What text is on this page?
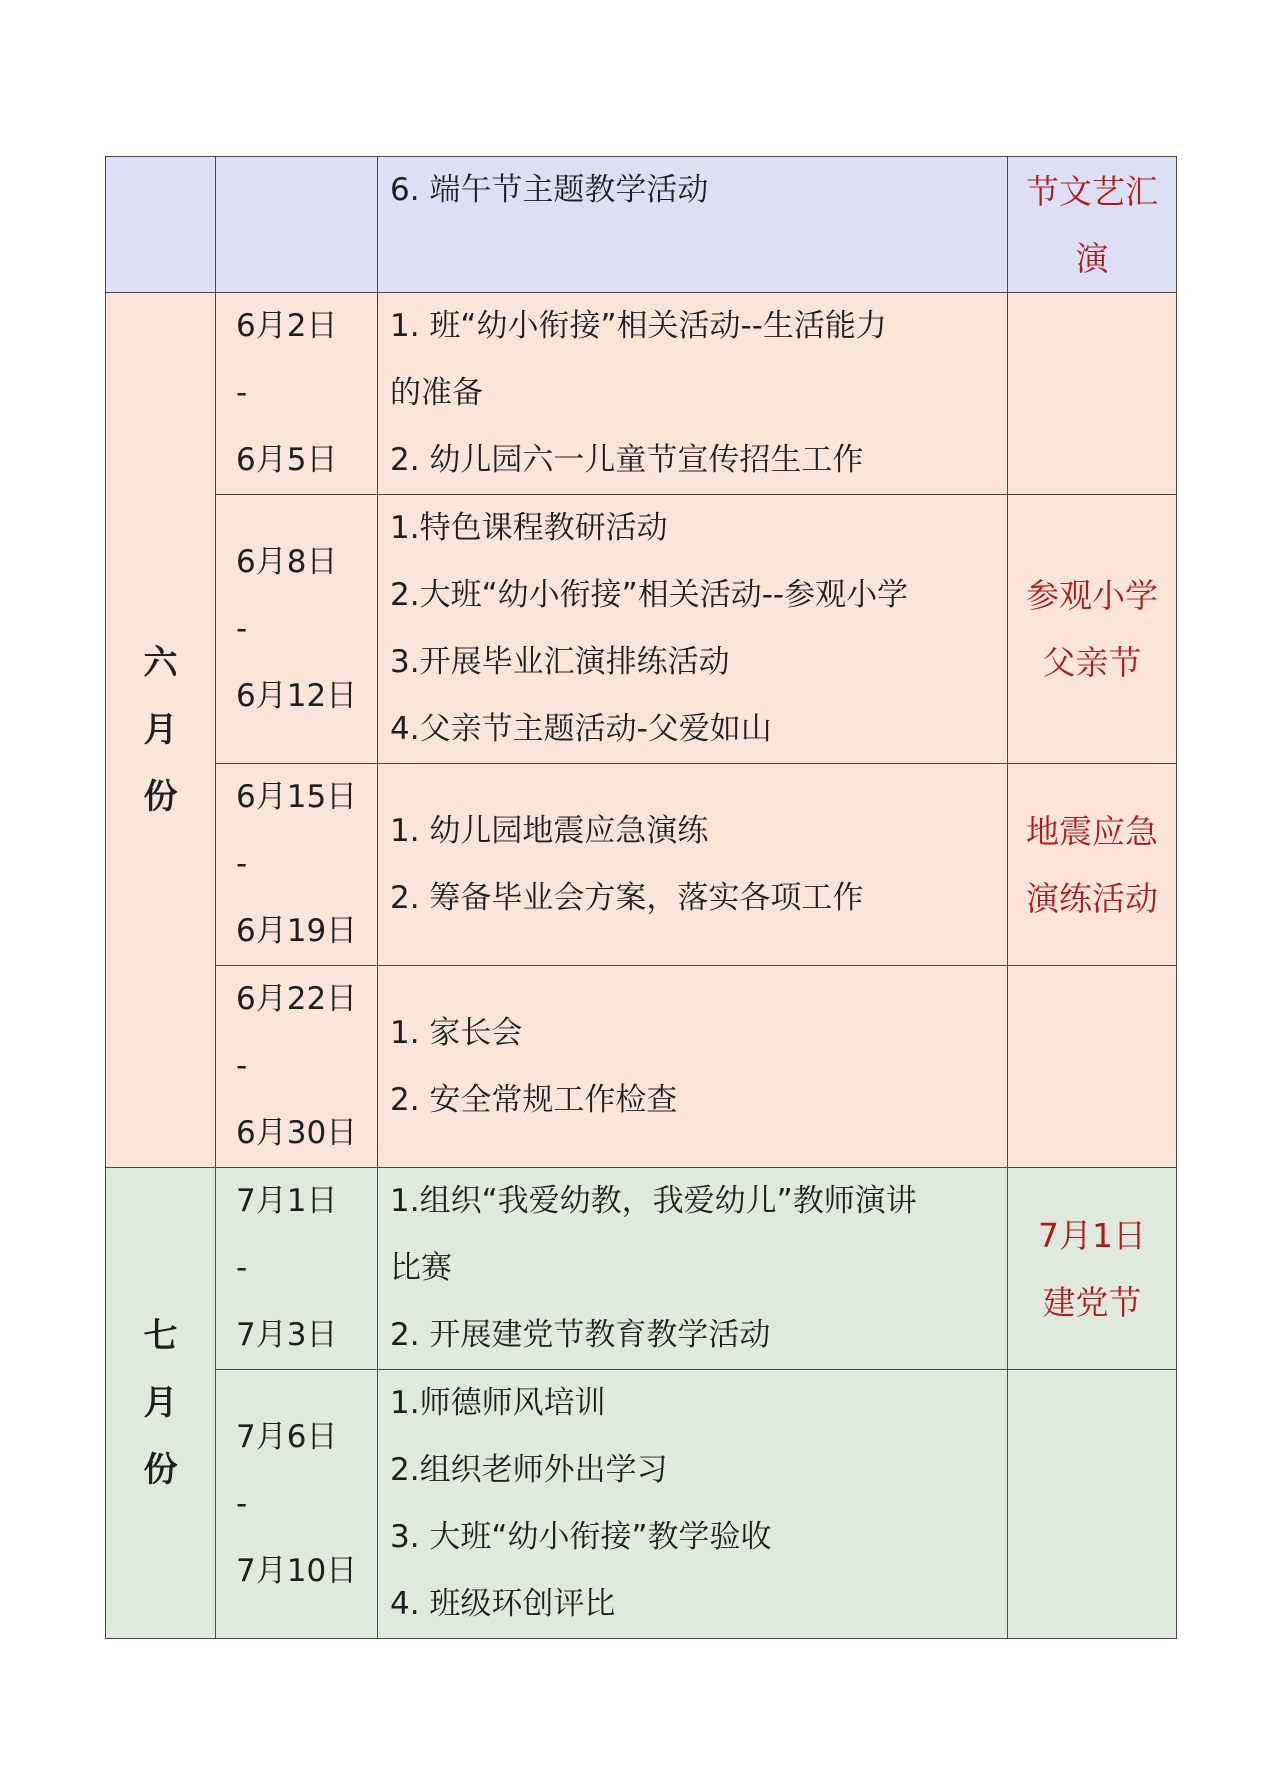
		6. 端午节主题教学活动	节文艺汇
演

六
月
份	6月2日
-
6月5日	1. 班“幼小衔接”相关活动--生活能力
的准备
2. 幼儿园六一儿童节宣传招生工作	

	6月8日
-
6月12日	1.特色课程教研活动
2.大班“幼小衔接”相关活动--参观小学
3.开展毕业汇演排练活动
4.父亲节主题活动-父爱如山	参观小学
父亲节

	6月15日
-
6月19日	1. 幼儿园地震应急演练
2. 筹备毕业会方案，落实各项工作	地震应急
演练活动

	6月22日
-
6月30日	1. 家长会
2. 安全常规工作检查	

七
月
份	7月1日
-
7月3日	1.组织“我爱幼教，我爱幼儿”教师演讲
比赛
2. 开展建党节教育教学活动	7月1日
建党节

	7月6日
-
7月10日	1.师德师风培训
2.组织老师外出学习
3. 大班“幼小衔接”教学验收
4. 班级环创评比	
